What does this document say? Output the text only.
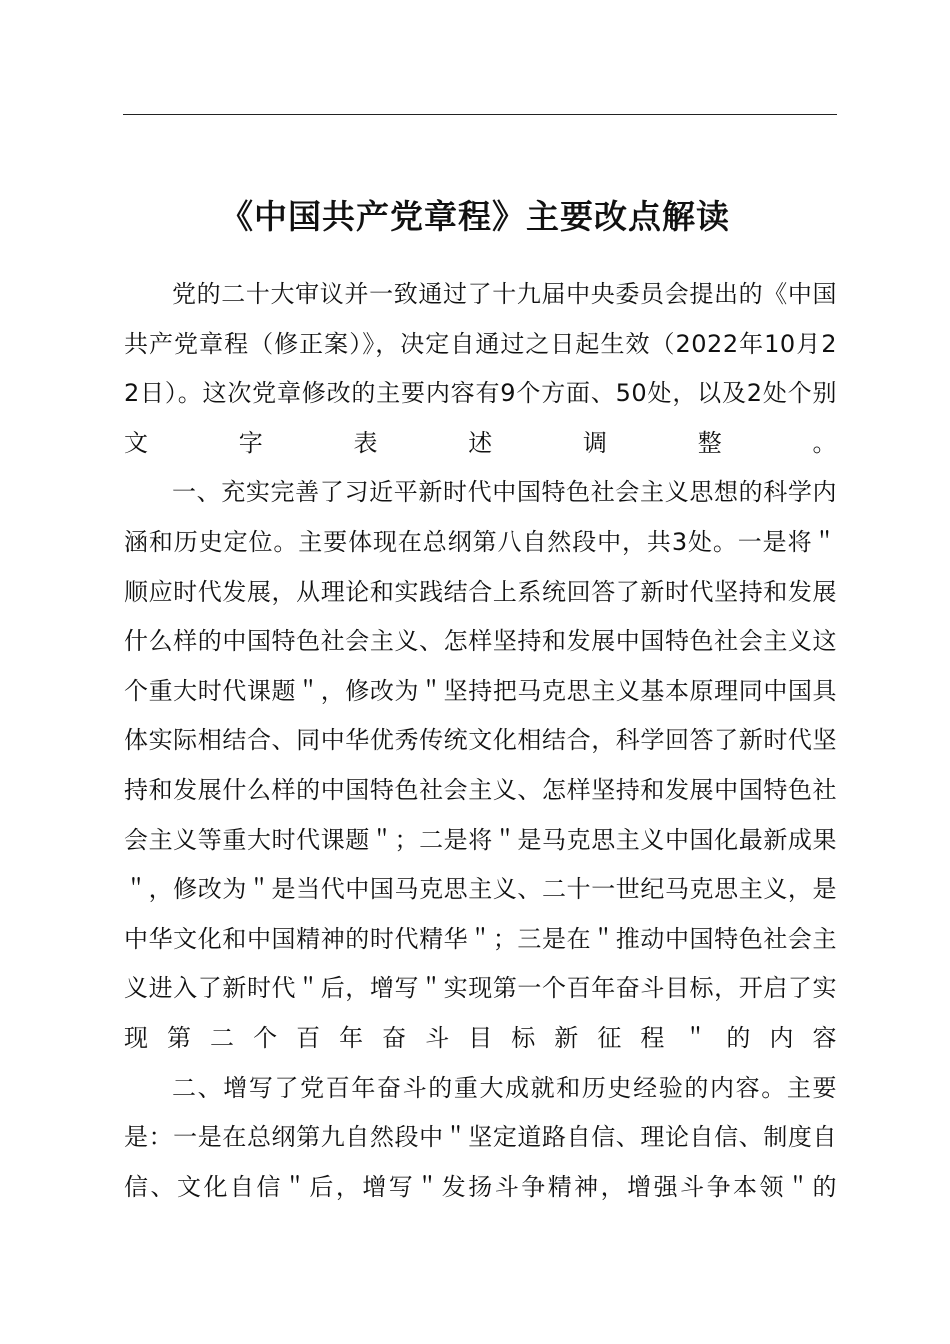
《中国共产党章程》主要改点解读

党的二十大审议并一致通过了十九届中央委员会提出的《中国共产党章程（修正案）》，决定自通过之日起生效（2022年10月22日）。这次党章修改的主要内容有9个方面、50处，以及2处个别文字表述调整。

一、充实完善了习近平新时代中国特色社会主义思想的科学内涵和历史定位。主要体现在总纲第八自然段中，共3处。一是将＂顺应时代发展，从理论和实践结合上系统回答了新时代坚持和发展什么样的中国特色社会主义、怎样坚持和发展中国特色社会主义这个重大时代课题＂，修改为＂坚持把马克思主义基本原理同中国具体实际相结合、同中华优秀传统文化相结合，科学回答了新时代坚持和发展什么样的中国特色社会主义、怎样坚持和发展中国特色社会主义等重大时代课题＂；二是将＂是马克思主义中国化最新成果＂，修改为＂是当代中国马克思主义、二十一世纪马克思主义，是中华文化和中国精神的时代精华＂；三是在＂推动中国特色社会主义进入了新时代＂后，增写＂实现第一个百年奋斗目标，开启了实现第二个百年奋斗目标新征程＂的内容

二、增写了党百年奋斗的重大成就和历史经验的内容。主要是：一是在总纲第九自然段中＂坚定道路自信、理论自信、制度自信、文化自信＂后，增写＂发扬斗争精神，增强斗争本领＂的
